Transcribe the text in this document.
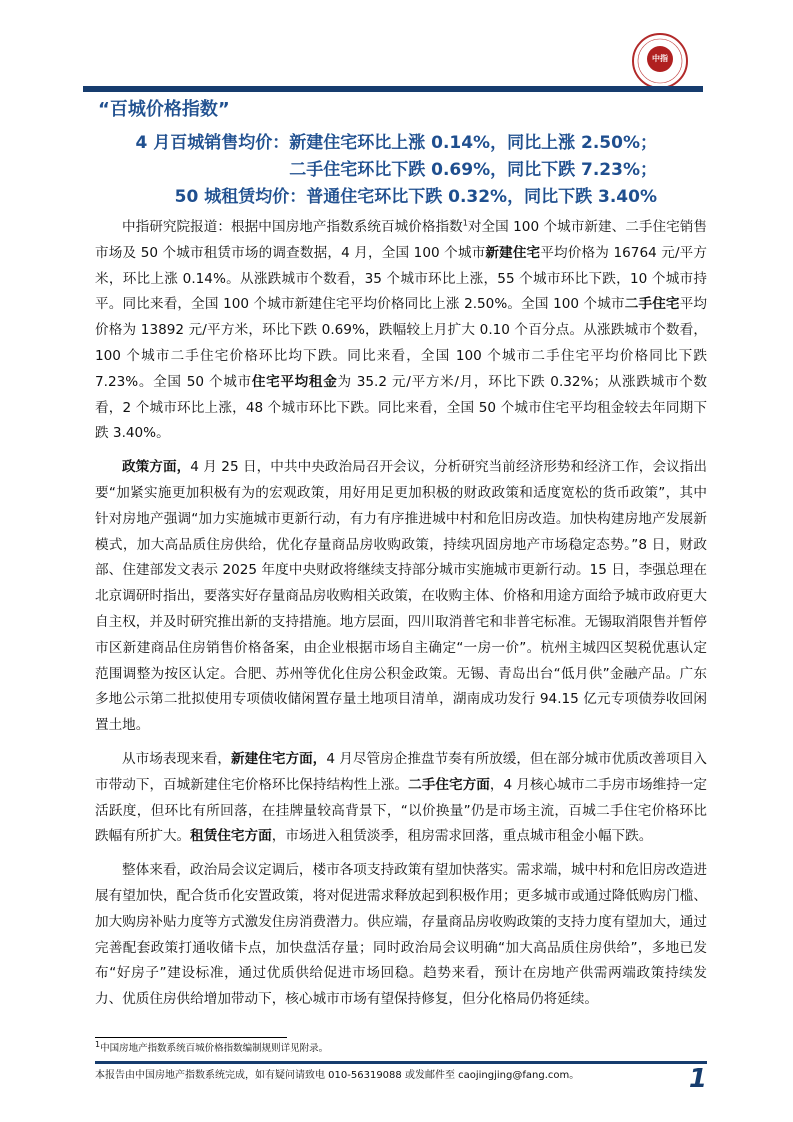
中指
“百城价格指数”
4 月百城销售均价：新建住宅环比上涨 0.14%，同比上涨 2.50%；
二手住宅环比下跌 0.69%，同比下跌 7.23%；
50 城租赁均价：普通住宅环比下跌 0.32%，同比下跌 3.40%

中指研究院报道：根据中国房地产指数系统百城价格指数$^1$对全国 100 个城市新建、二手住宅销售市场及 50 个城市租赁市场的调查数据，4 月，全国 100 个城市新建住宅平均价格为 16764 元/平方米，环比上涨 0.14%。从涨跌城市个数看，35 个城市环比上涨，55 个城市环比下跌，10 个城市持平。同比来看，全国 100 个城市新建住宅平均价格同比上涨 2.50%。全国 100 个城市二手住宅平均价格为 13892 元/平方米，环比下跌 0.69%，跌幅较上月扩大 0.10 个百分点。从涨跌城市个数看，100 个城市二手住宅价格环比均下跌。同比来看，全国 100 个城市二手住宅平均价格同比下跌 7.23%。全国 50 个城市住宅平均租金为 35.2 元/平方米/月，环比下跌 0.32%；从涨跌城市个数看，2 个城市环比上涨，48 个城市环比下跌。同比来看，全国 50 个城市住宅平均租金较去年同期下跌 3.40%。

政策方面，4 月 25 日，中共中央政治局召开会议，分析研究当前经济形势和经济工作，会议指出要“加紧实施更加积极有为的宏观政策，用好用足更加积极的财政政策和适度宽松的货币政策”，其中针对房地产强调“加力实施城市更新行动，有力有序推进城中村和危旧房改造。加快构建房地产发展新模式，加大高品质住房供给，优化存量商品房收购政策，持续巩固房地产市场稳定态势。”8 日，财政部、住建部发文表示 2025 年度中央财政将继续支持部分城市实施城市更新行动。15 日，李强总理在北京调研时指出，要落实好存量商品房收购相关政策，在收购主体、价格和用途方面给予城市政府更大自主权，并及时研究推出新的支持措施。地方层面，四川取消普宅和非普宅标准。无锡取消限售并暂停市区新建商品住房销售价格备案，由企业根据市场自主确定“一房一价”。杭州主城四区契税优惠认定范围调整为按区认定。合肥、苏州等优化住房公积金政策。无锡、青岛出台“低月供”金融产品。广东多地公示第二批拟使用专项债收储闲置存量土地项目清单，湖南成功发行 94.15 亿元专项债券收回闲置土地。

从市场表现来看，新建住宅方面，4 月尽管房企推盘节奏有所放缓，但在部分城市优质改善项目入市带动下，百城新建住宅价格环比保持结构性上涨。二手住宅方面，4 月核心城市二手房市场维持一定活跃度，但环比有所回落，在挂牌量较高背景下，“以价换量”仍是市场主流，百城二手住宅价格环比跌幅有所扩大。租赁住宅方面，市场进入租赁淡季，租房需求回落，重点城市租金小幅下跌。

整体来看，政治局会议定调后，楼市各项支持政策有望加快落实。需求端，城中村和危旧房改造进展有望加快，配合货币化安置政策，将对促进需求释放起到积极作用；更多城市或通过降低购房门槛、加大购房补贴力度等方式激发住房消费潜力。供应端，存量商品房收购政策的支持力度有望加大，通过完善配套政策打通收储卡点，加快盘活存量；同时政治局会议明确“加大高品质住房供给”，多地已发布“好房子”建设标准，通过优质供给促进市场回稳。趋势来看，预计在房地产供需两端政策持续发力、优质住房供给增加带动下，核心城市市场有望保持修复，但分化格局仍将延续。

$^1$中国房地产指数系统百城价格指数编制规则详见附录。
本报告由中国房地产指数系统完成，如有疑问请致电 010-56319088 或发邮件至 caojingjing@fang.com。	1
